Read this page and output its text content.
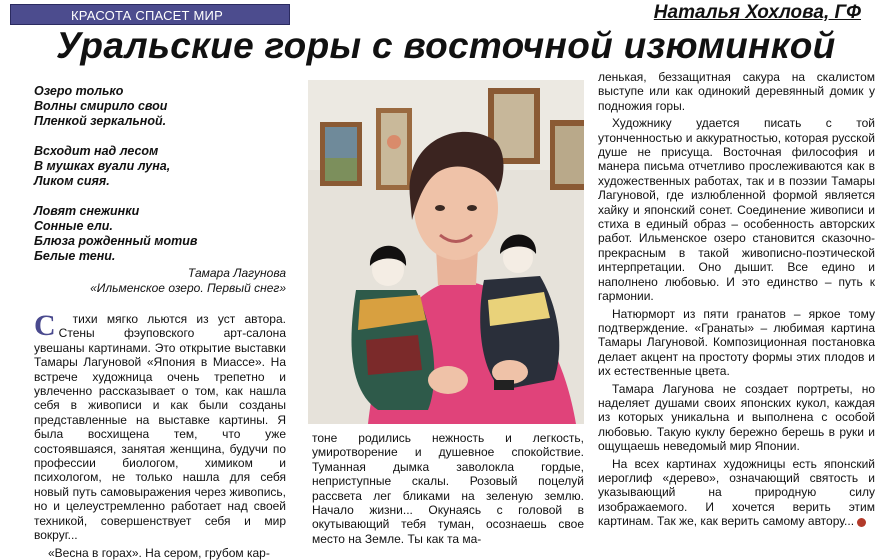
КРАСОТА СПАСЕТ МИР	Наталья Хохлова, ГФ
Уральские горы с восточной изюминкой
Озеро только
Волны смирило свои
Пленкой зеркальной.
Всходит над лесом
В мушках вуали луна,
Ликом сияя.
Ловят снежинки
Сонные ели.
Блюза рожденный мотив
Белые тени.
Тамара Лагунова
«Ильменское озеро. Первый снег»

С тихи мягко льются из уст автора. Стены фэуповского арт-салона увешаны картинами. Это открытие выставки Тамары Лагуновой «Япония в Миассе». На встрече художница очень трепетно и увлеченно рассказывает о том, как нашла себя в живописи и как были созданы представленные на выставке картины. Я была восхищена тем, что уже состоявшаяся, занятая женщина, будучи по профессии биологом, химиком и психологом, не только нашла для себя новый путь самовыражения через живопись, но и целеустремленно работает над своей техникой, совершенствует себя и мир вокруг...

«Весна в горах». На сером, грубом кар-

тоне родились нежность и легкость, умиротворение и душевное спокойствие. Туманная дымка заволокла гордые, неприступные скалы. Розовый поцелуй рассвета лег бликами на зеленую землю. Начало жизни... Окунаясь с головой в окутывающий тебя туман, осознаешь свое место на Земле. Ты как та ма-

ленькая, беззащитная сакура на скалистом выступе или как одинокий деревянный домик у подножия горы.

Художнику удается писать с той утонченностью и аккуратностью, которая русской душе не присуща. Восточная философия и манера письма отчетливо прослеживаются как в художественных работах, так и в поэзии Тамары Лагуновой, где излюбленной формой является хайку и японский сонет. Соединение живописи и стиха в единый образ – особенность авторских работ. Ильменское озеро становится сказочно-прекрасным в такой живописно-поэтической интерпретации. Оно дышит. Все едино и наполнено любовью. И это единство – путь к гармонии.

Натюрморт из пяти гранатов – яркое тому подтверждение. «Гранаты» – любимая картина Тамары Лагуновой. Композиционная постановка делает акцент на простоту формы этих плодов и их естественные цвета.

Тамара Лагунова не создает портреты, но наделяет душами своих японских кукол, каждая из которых уникальна и выполнена с особой любовью. Такую куклу бережно берешь в руки и ощущаешь неведомый мир Японии.

На всех картинах художницы есть японский иероглиф «дерево», означающий святость и указывающий на природную силу изображаемого. И хочется верить этим картинам. Так же, как верить самому автору...
